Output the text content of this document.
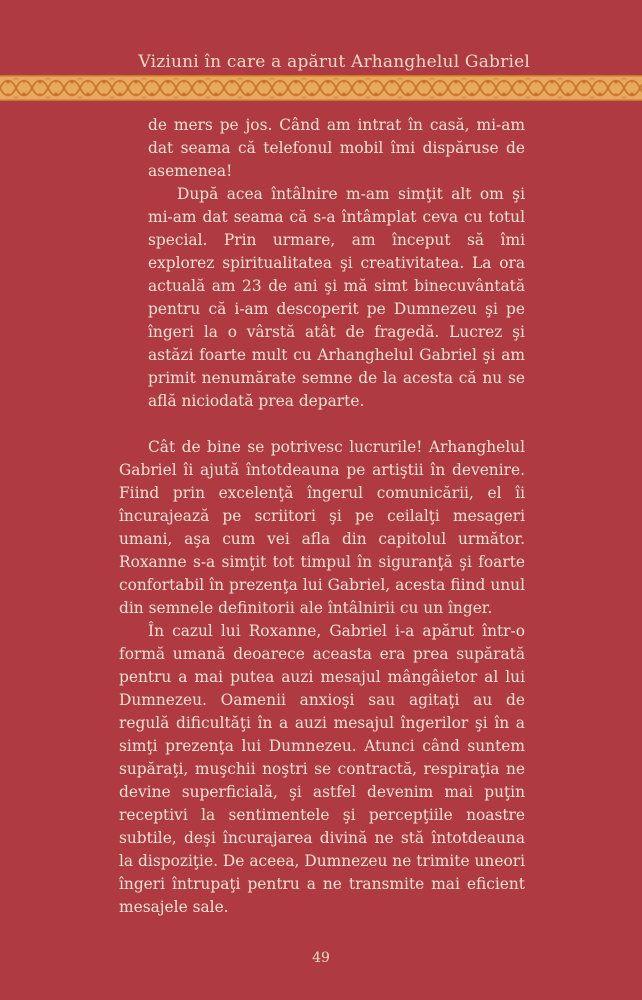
Viziuni în care a apărut Arhanghelul Gabriel

de mers pe jos. Când am intrat în casă, mi-am dat seama că telefonul mobil îmi dispăruse de asemenea!

După acea întâlnire m-am simţit alt om şi mi-am dat seama că s-a întâmplat ceva cu totul special. Prin urmare, am început să îmi explorez spiritualitatea şi creativitatea. La ora actuală am 23 de ani şi mă simt binecuvântată pentru că i-am descoperit pe Dumnezeu şi pe îngeri la o vârstă atât de fragedă. Lucrez şi astăzi foarte mult cu Arhanghelul Gabriel şi am primit nenumărate semne de la acesta că nu se află niciodată prea departe.

Cât de bine se potrivesc lucrurile! Arhanghelul Gabriel îi ajută întotdeauna pe artiştii în devenire. Fiind prin excelenţă îngerul comunicării, el îi încurajează pe scriitori şi pe ceilalţi mesageri umani, aşa cum vei afla din capitolul următor. Roxanne s-a simţit tot timpul în siguranţă şi foarte confortabil în prezenţa lui Gabriel, acesta fiind unul din semnele definitorii ale întâlnirii cu un înger.

În cazul lui Roxanne, Gabriel i-a apărut într-o formă umană deoarece aceasta era prea supărată pentru a mai putea auzi mesajul mângâietor al lui Dumnezeu. Oamenii anxioşi sau agitaţi au de regulă dificultăţi în a auzi mesajul îngerilor şi în a simţi prezenţa lui Dumnezeu. Atunci când suntem supăraţi, muşchii noştri se contractă, respiraţia ne devine superficială, şi astfel devenim mai puţin receptivi la sentimentele şi percepţiile noastre subtile, deşi încurajarea divină ne stă întotdeauna la dispoziţie. De aceea, Dumnezeu ne trimite uneori îngeri întrupaţi pentru a ne transmite mai eficient mesajele sale.

49
